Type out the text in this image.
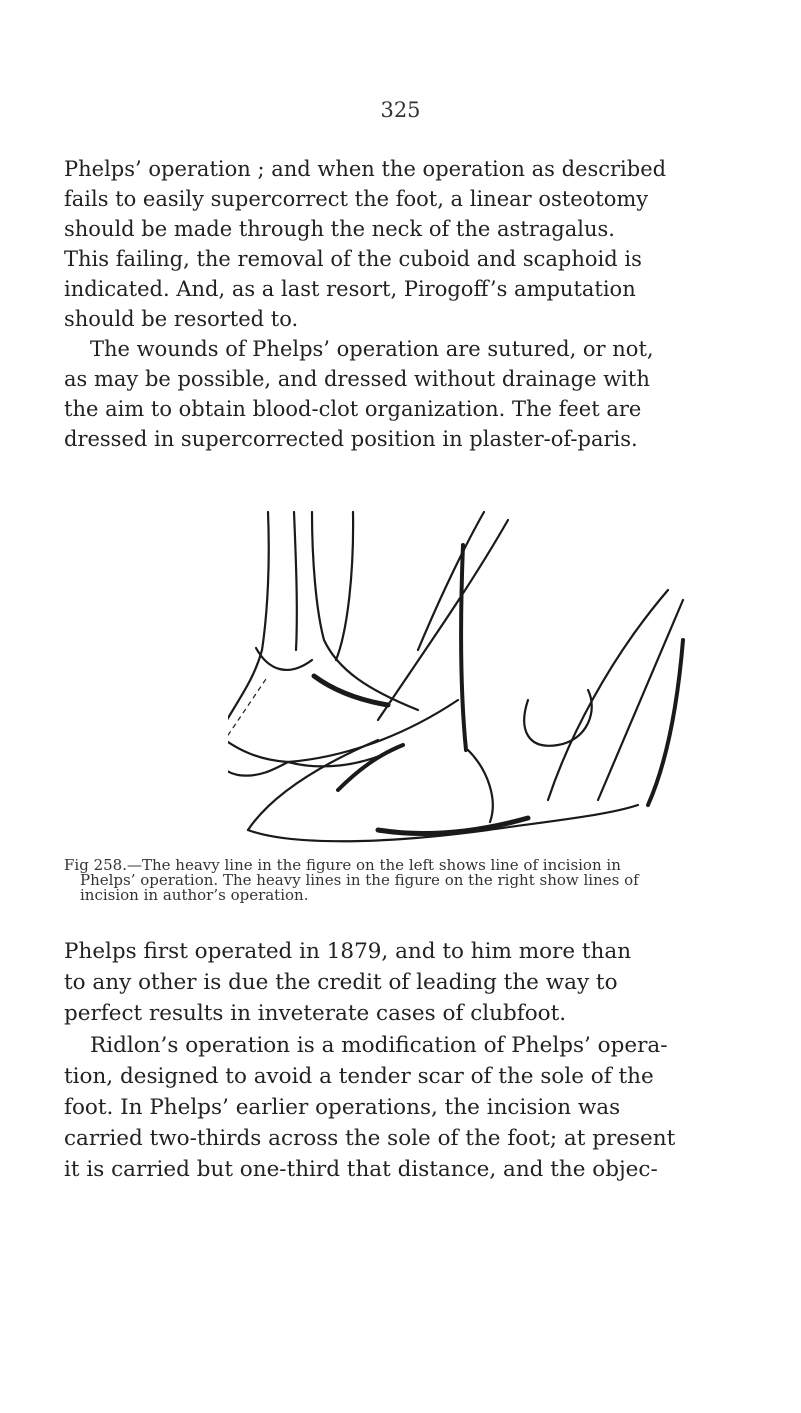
325

Phelps’ operation ; and when the operation as described
fails to easily supercorrect the foot, a linear osteotomy
should be made through the neck of the astragalus.
This failing, the removal of the cuboid and scaphoid is
indicated. And, as a last resort, Pirogoff’s amputation
should be resorted to.

The wounds of Phelps’ operation are sutured, or not,
as may be possible, and dressed without drainage with
the aim to obtain blood-clot organization. The feet are
dressed in supercorrected position in plaster-of-paris.

Fig 258.—The heavy line in the figure on the left shows line of incision in
Phelps’ operation. The heavy lines in the figure on the right show lines of
incision in author’s operation.

Phelps first operated in 1879, and to him more than
to any other is due the credit of leading the way to
perfect results in inveterate cases of clubfoot.

Ridlon’s operation is a modification of Phelps’ opera-
tion, designed to avoid a tender scar of the sole of the
foot. In Phelps’ earlier operations, the incision was
carried two-thirds across the sole of the foot; at present
it is carried but one-third that distance, and the objec-
